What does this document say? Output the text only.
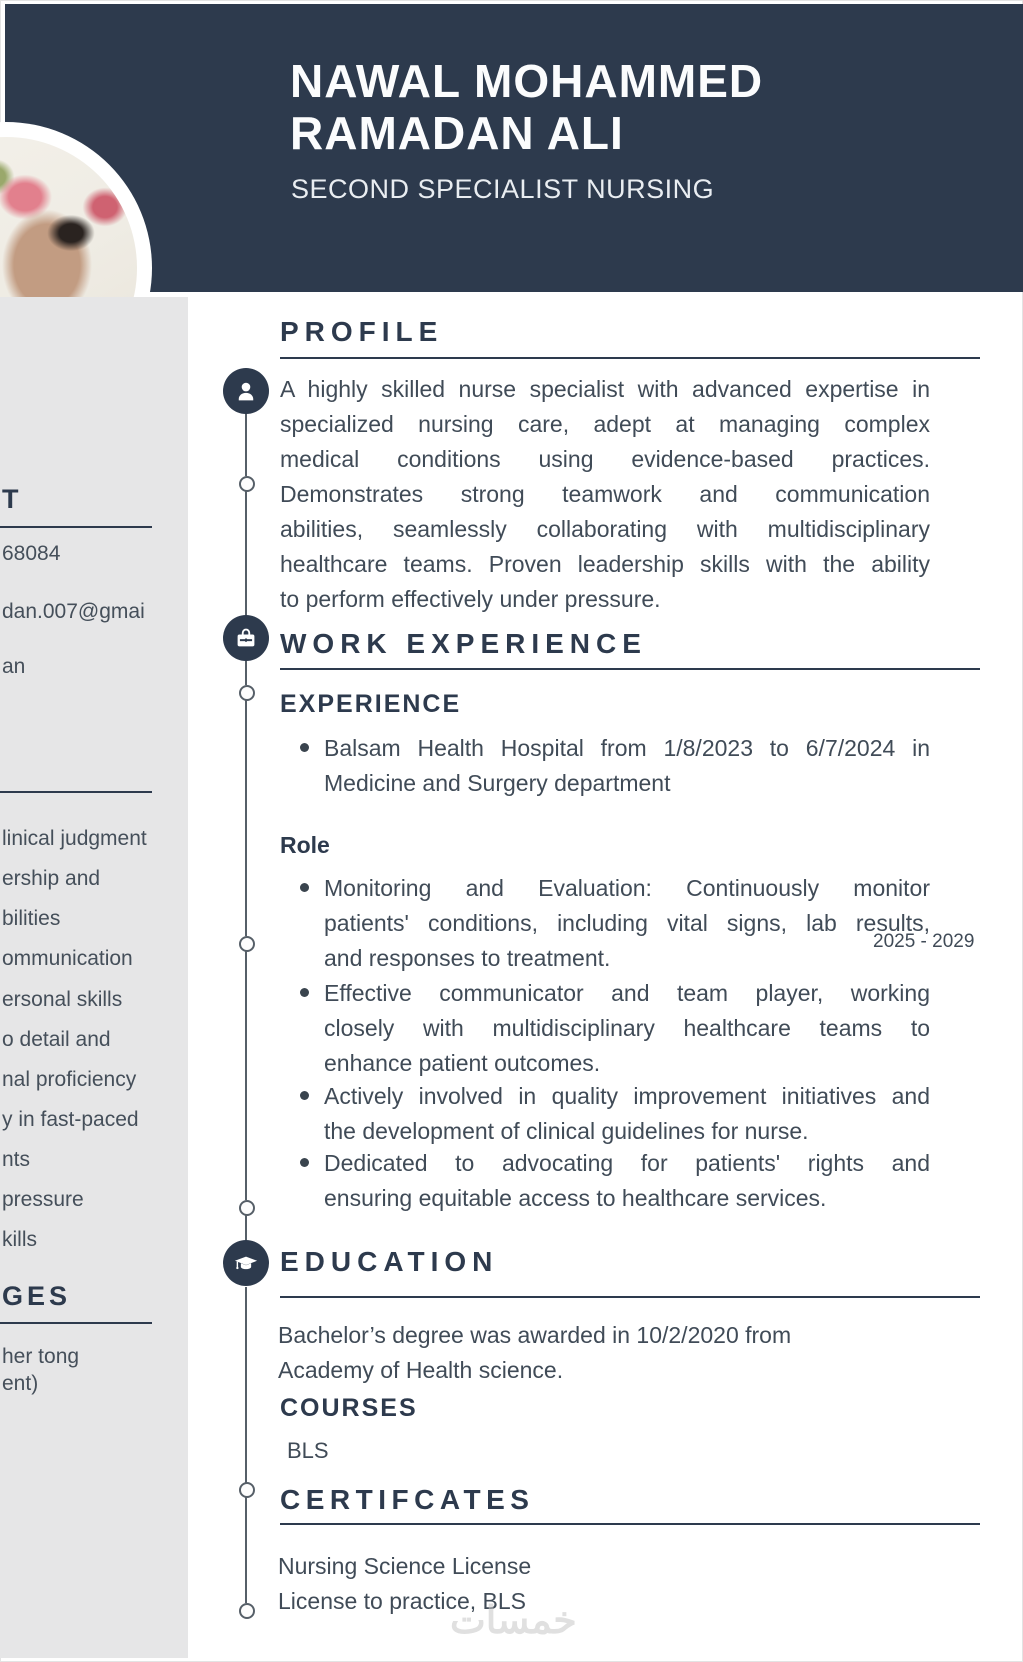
NAWAL MOHAMMED
RAMADAN ALI
SECOND SPECIALIST NURSING
T
68084
dan.007@gmai
an
linical judgment
ership and
bilities
ommunication
ersonal skills
o detail and
nal proficiency
y in fast-paced
nts
pressure
kills
GES
her tong
ent)
PROFILE
A highly skilled nurse specialist with advanced expertise in
specialized nursing care, adept at managing complex
medical conditions using evidence-based practices.
Demonstrates strong teamwork and communication
abilities, seamlessly collaborating with multidisciplinary
healthcare teams. Proven leadership skills with the ability
to perform effectively under pressure.
WORK EXPERIENCE
EXPERIENCE
Balsam Health Hospital from 1/8/2023 to 6/7/2024 in
Medicine and Surgery department
Role
Monitoring and Evaluation: Continuously monitor
patients' conditions, including vital signs, lab results,
and responses to treatment.
2025 - 2029
Effective communicator and team player, working
closely with multidisciplinary healthcare teams to
enhance patient outcomes.
Actively involved in quality improvement initiatives and
the development of clinical guidelines for nurse.
Dedicated to advocating for patients' rights and
ensuring equitable access to healthcare services.
EDUCATION
Bachelor’s degree was awarded in 10/2/2020 from
Academy of Health science.
COURSES
BLS
CERTIFCATES
Nursing Science License
License to practice, BLS
خمسات
